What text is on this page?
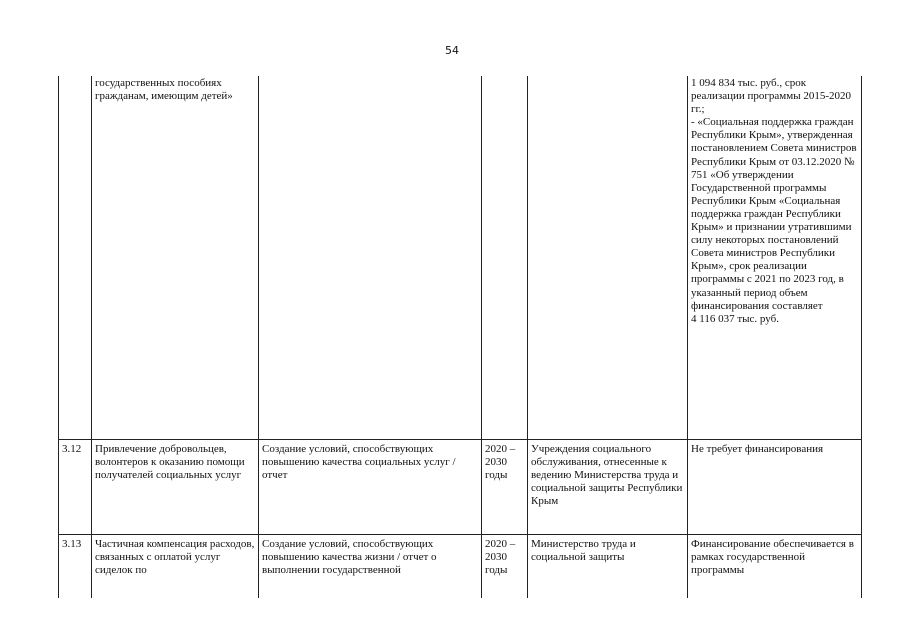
54

	государственных пособиях гражданам, имеющим детей»				1 094 834 тыс. руб., срок реализации программы 2015-2020 гг.;
- «Социальная поддержка граждан Республики Крым», утвержденная постановлением Совета министров Республики Крым от 03.12.2020 № 751 «Об утверждении Государственной программы Республики Крым «Социальная поддержка граждан Республики Крым» и признании утратившими силу некоторых постановлений Совета министров Республики Крым», срок реализации программы с 2021 по 2023 год, в указанный период объем финансирования составляет
4 116 037 тыс. руб.

3.12	Привлечение добровольцев, волонтеров к оказанию помощи получателей социальных услуг	Создание условий, способствующих повышению качества социальных услуг / отчет	2020 – 2030 годы	Учреждения социального обслуживания, отнесенные к ведению Министерства труда и социальной защиты Республики Крым	Не требует финансирования

3.13	Частичная компенсация расходов, связанных с оплатой услуг сиделок по	Создание условий, способствующих повышению качества жизни / отчет о выполнении государственной	2020 – 2030 годы	Министерство труда и социальной защиты	Финансирование обеспечивается в рамках государственной программы
